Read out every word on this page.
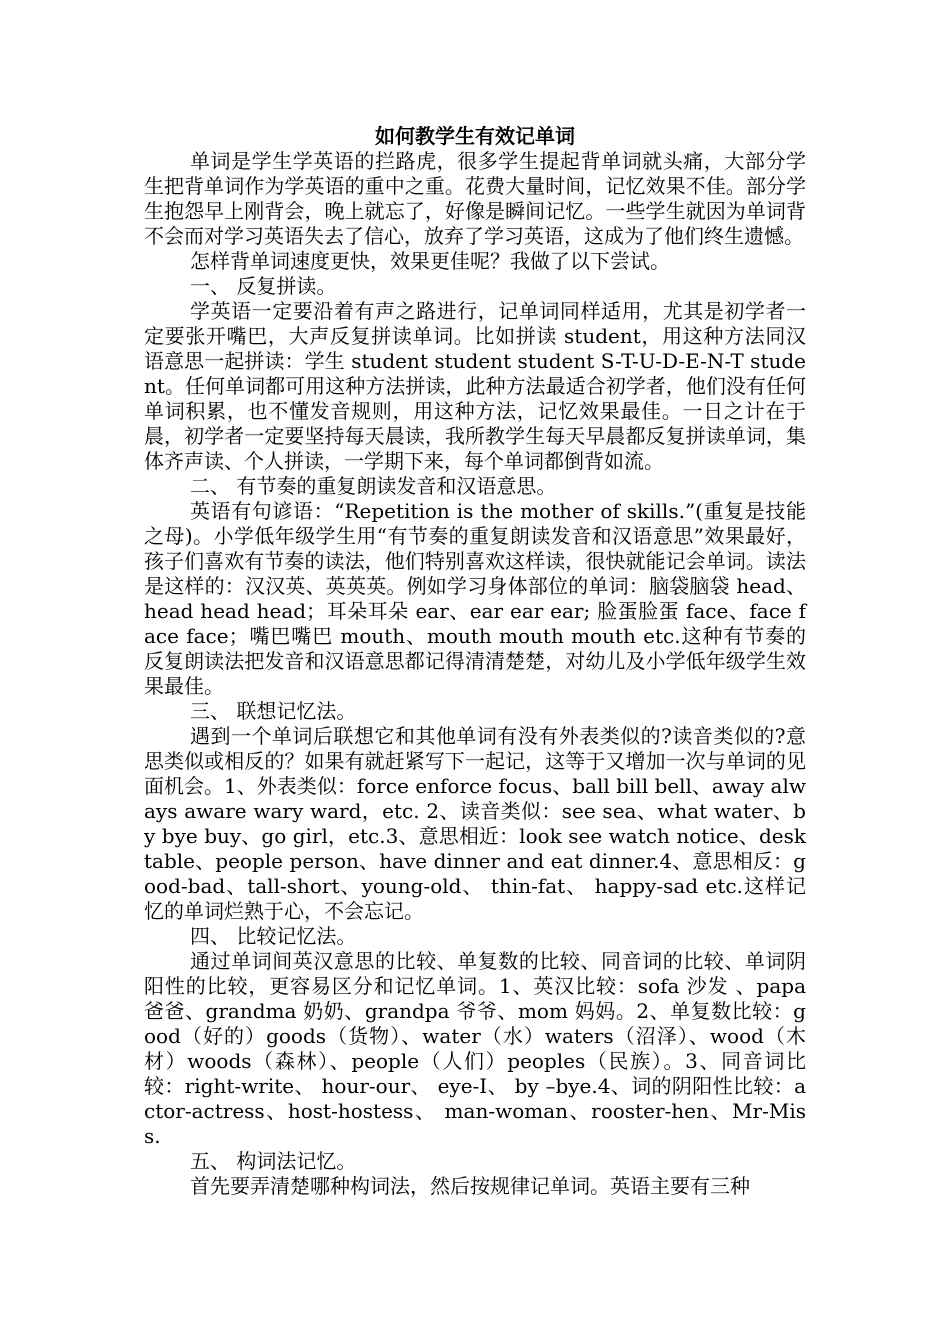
如何教学生有效记单词

单词是学生学英语的拦路虎，很多学生提起背单词就头痛，大部分学生把背单词作为学英语的重中之重。花费大量时间，记忆效果不佳。部分学生抱怨早上刚背会，晚上就忘了，好像是瞬间记忆。一些学生就因为单词背不会而对学习英语失去了信心，放弃了学习英语，这成为了他们终生遗憾。

怎样背单词速度更快，效果更佳呢？我做了以下尝试。

一、 反复拼读。

学英语一定要沿着有声之路进行，记单词同样适用，尤其是初学者一定要张开嘴巴，大声反复拼读单词。比如拼读 student，用这种方法同汉语意思一起拼读：学生 student student student S-T-U-D-E-N-T student。任何单词都可用这种方法拼读，此种方法最适合初学者，他们没有任何单词积累，也不懂发音规则，用这种方法，记忆效果最佳。一日之计在于晨，初学者一定要坚持每天晨读，我所教学生每天早晨都反复拼读单词，集体齐声读、个人拼读，一学期下来，每个单词都倒背如流。

二、 有节奏的重复朗读发音和汉语意思。

英语有句谚语：“Repetition is the mother of skills.”(重复是技能之母)。小学低年级学生用“有节奏的重复朗读发音和汉语意思”效果最好，孩子们喜欢有节奏的读法，他们特别喜欢这样读，很快就能记会单词。读法是这样的：汉汉英、英英英。例如学习身体部位的单词：脑袋脑袋 head、head head head；耳朵耳朵 ear、ear ear ear; 脸蛋脸蛋 face、face face face；嘴巴嘴巴 mouth、mouth mouth mouth etc.这种有节奏的反复朗读法把发音和汉语意思都记得清清楚楚，对幼儿及小学低年级学生效果最佳。

三、 联想记忆法。

遇到一个单词后联想它和其他单词有没有外表类似的?读音类似的?意思类似或相反的？如果有就赶紧写下一起记，这等于又增加一次与单词的见面机会。1、外表类似：force enforce focus、ball bill bell、away always aware wary ward，etc. 2、读音类似：see sea、what water、by bye buy、go girl，etc.3、意思相近：look see watch notice、desk table、people person、have dinner and eat dinner.4、意思相反：good-bad、tall-short、young-old、 thin-fat、 happy-sad etc.这样记忆的单词烂熟于心，不会忘记。

四、 比较记忆法。

通过单词间英汉意思的比较、单复数的比较、同音词的比较、单词阴阳性的比较，更容易区分和记忆单词。1、英汉比较：sofa 沙发 、papa 爸爸、grandma 奶奶、grandpa 爷爷、mom 妈妈。2、单复数比较：good（好的）goods（货物）、water（水）waters（沼泽）、wood（木材）woods（森林）、people（人们）peoples（民族）。3、同音词比较：right-write、 hour-our、 eye-I、 by –bye.4、词的阴阳性比较：actor-actress、host-hostess、 man-woman、rooster-hen、Mr-Miss.

五、 构词法记忆。

首先要弄清楚哪种构词法，然后按规律记单词。英语主要有三种
